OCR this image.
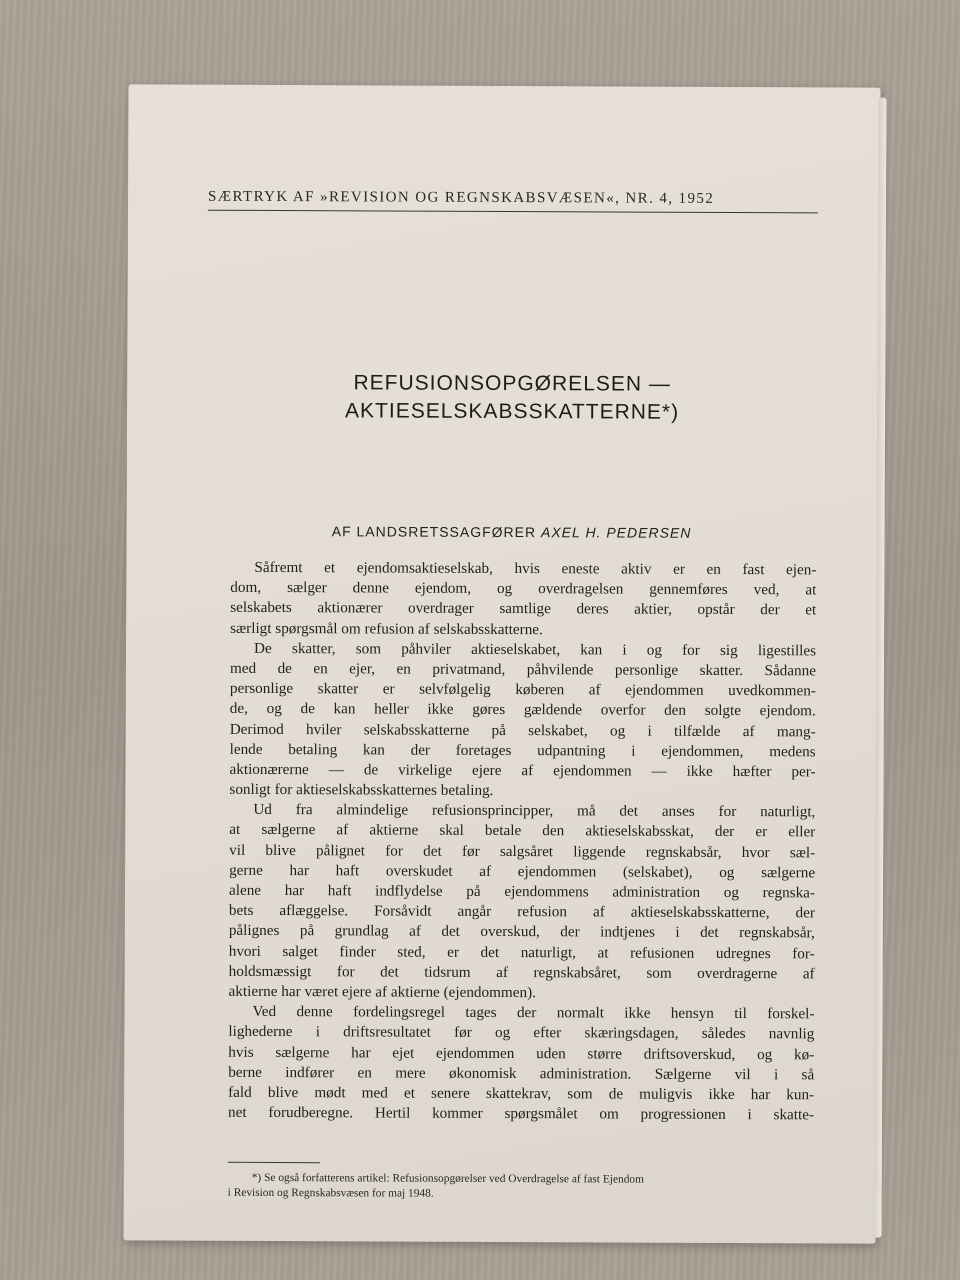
SÆRTRYK AF »REVISION OG REGNSKABSVÆSEN«, NR. 4, 1952
REFUSIONSOPGØRELSEN —
AKTIESELSKABSSKATTERNE*)
AF LANDSRETSSAGFØRER AXEL H. PEDERSEN
Såfremt et ejendomsaktieselskab, hvis eneste aktiv er en fast ejen-
dom, sælger denne ejendom, og overdragelsen gennemføres ved, at
selskabets aktionærer overdrager samtlige deres aktier, opstår der et
særligt spørgsmål om refusion af selskabsskatterne.
De skatter, som påhviler aktieselskabet, kan i og for sig ligestilles
med de en ejer, en privatmand, påhvilende personlige skatter. Sådanne
personlige skatter er selvfølgelig køberen af ejendommen uvedkommen-
de, og de kan heller ikke gøres gældende overfor den solgte ejendom.
Derimod hviler selskabsskatterne på selskabet, og i tilfælde af mang-
lende betaling kan der foretages udpantning i ejendommen, medens
aktionærerne — de virkelige ejere af ejendommen — ikke hæfter per-
sonligt for aktieselskabsskatternes betaling.
Ud fra almindelige refusionsprincipper, må det anses for naturligt,
at sælgerne af aktierne skal betale den aktieselskabsskat, der er eller
vil blive pålignet for det før salgsåret liggende regnskabsår, hvor sæl-
gerne har haft overskudet af ejendommen (selskabet), og sælgerne
alene har haft indflydelse på ejendommens administration og regnska-
bets aflæggelse. Forsåvidt angår refusion af aktieselskabsskatterne, der
pålignes på grundlag af det overskud, der indtjenes i det regnskabsår,
hvori salget finder sted, er det naturligt, at refusionen udregnes for-
holdsmæssigt for det tidsrum af regnskabsåret, som overdragerne af
aktierne har været ejere af aktierne (ejendommen).
Ved denne fordelingsregel tages der normalt ikke hensyn til forskel-
lighederne i driftsresultatet før og efter skæringsdagen, således navnlig
hvis sælgerne har ejet ejendommen uden større driftsoverskud, og kø-
berne indfører en mere økonomisk administration. Sælgerne vil i så
fald blive mødt med et senere skattekrav, som de muligvis ikke har kun-
net forudberegne. Hertil kommer spørgsmålet om progressionen i skatte-
*) Se også forfatterens artikel: Refusionsopgørelser ved Overdragelse af fast Ejendom
i Revision og Regnskabsvæsen for maj 1948.
